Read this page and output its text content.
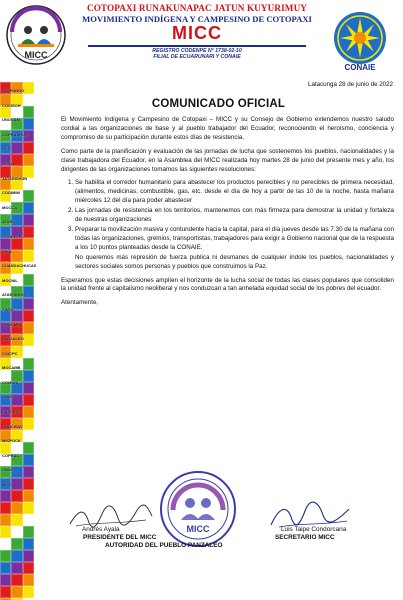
MICC
COTOPAXI RUNAKUNAPAC JATUN KUYURIMUY
MOVIMIENTO INDÍGENA Y CAMPESINO DE COTOPAXI
MICC
REGISTRO CODENPE N° 1738-02-10
FILIAL DE ECUARUNARI Y CONAIE
CONAIE
AYAPUNGO
COCISOH
UNOCAM
COPRASHUE
UCIT
OCAN
JATARISHUN
CODIMIM
MOCCA
ATARI
COGENTE
INKA
CUANDACHUCAS
MOCNIL
ATARISHUN
SIMOC
UNOCMUL
PANZALEO
COICPC
MOCAMB
COMUNI
UNOC
SALCEDO
UNOCISAV
MICPOCK
COPRAC
UNOC
MICC
Latacunga 28 de junio de 2022
COMUNICADO OFICIAL

El Movimiento Indígena y Campesino de Cotopaxi – MICC y su Consejo de Gobierno extendemos nuestro saludo cordial a las organizaciones de base y al pueblo trabajador del Ecuador, reconociendo el heroísmo, conciencia y compromiso de su participación durante estos días de resistencia.

Como parte de la planificación y evaluación de las jornadas de lucha que sostenemos los pueblos, nacionalidades y la clase trabajadora del Ecuador, en la Asamblea del MICC realizada hoy martes 28 de junio del presente mes y año, los dirigentes de las organizaciones tomamos las siguientes resoluciones:

1. Se habilita el corredor humanitario para abastecer los productos perecibles y no perecibles de primera necesidad, (alimentos, medicinas, combustible, gas, etc. desde el día de hoy a partir de las 10 de la noche, hasta mañana miércoles 12 del día para poder abastecer
2. Las jornadas de resistencia en los territorios, mantenemos con más firmeza para demostrar la unidad y fortaleza de nuestras organizaciones
3. Preparar la movilización masiva y contundente hacia la capital, para el día jueves desde las 7.30 de la mañana con todas las organizaciones, gremios, transportistas, trabajadores para exigir a Gobierno nacional que de la respuesta a los 10 puntos planteadas desde la CONAIE.

No queremos más represión de fuerza publica ni desmanes de cualquier índole los pueblos, nacionalidades y sectores sociales somos personas y pueblos que construimos la Paz.

Esperamos que estas decisiones amplíen el horizonte de la lucha social de todas las clases populares que consoliden la unidad frente al capitalismo neoliberal y nos conduzcan a tan anhelada equidad social de los pobres del ecuador.

Atentamente,

MICC
Andrés Ayala	Luis Taipe Condorcana
PRESIDENTE DEL MICC	SECRETARIO MICC
AUTORIDAD DEL PUEBLO PANZALEO
